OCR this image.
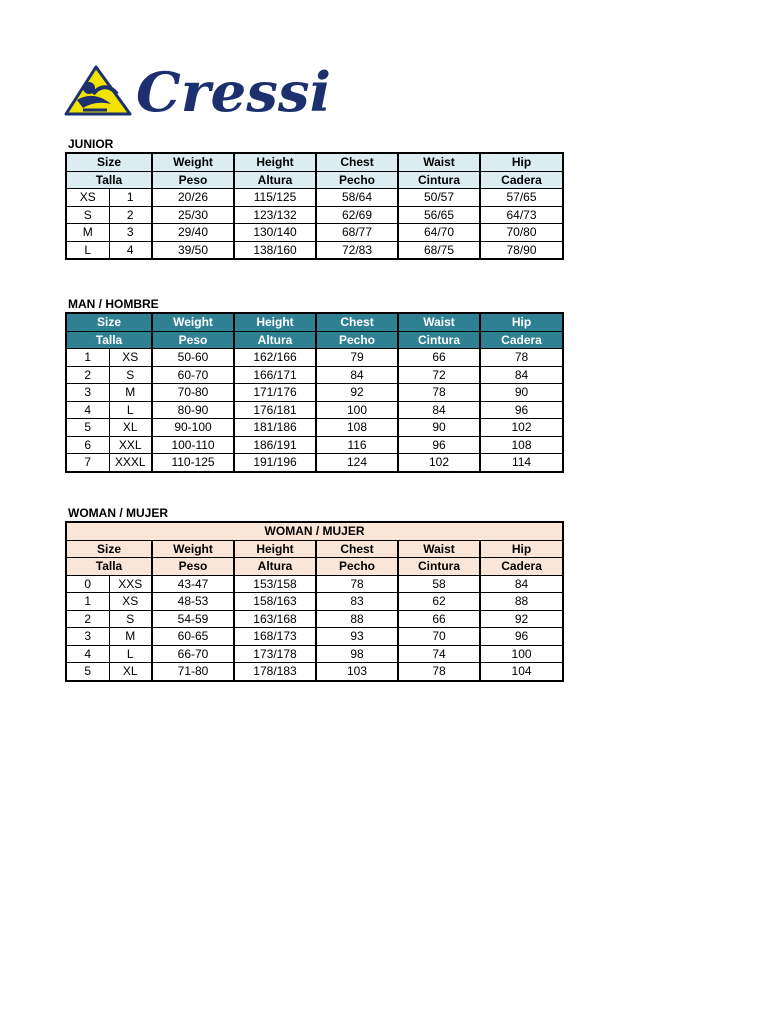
Cressi
JUNIOR
Size		Weight	Height	Chest	Waist	Hip
Talla		Peso	Altura	Pecho	Cintura	Cadera
XS	1	20/26	115/125	58/64	50/57	57/65
S	2	25/30	123/132	62/69	56/65	64/73
M	3	29/40	130/140	68/77	64/70	70/80
L	4	39/50	138/160	72/83	68/75	78/90
MAN / HOMBRE
Size		Weight	Height	Chest	Waist	Hip
Talla		Peso	Altura	Pecho	Cintura	Cadera
1	XS	50-60	162/166	79	66	78
2	S	60-70	166/171	84	72	84
3	M	70-80	171/176	92	78	90
4	L	80-90	176/181	100	84	96
5	XL	90-100	181/186	108	90	102
6	XXL	100-110	186/191	116	96	108
7	XXXL	110-125	191/196	124	102	114
WOMAN / MUJER
WOMAN / MUJER						
Size		Weight	Height	Chest	Waist	Hip
Talla		Peso	Altura	Pecho	Cintura	Cadera
0	XXS	43-47	153/158	78	58	84
1	XS	48-53	158/163	83	62	88
2	S	54-59	163/168	88	66	92
3	M	60-65	168/173	93	70	96
4	L	66-70	173/178	98	74	100
5	XL	71-80	178/183	103	78	104
